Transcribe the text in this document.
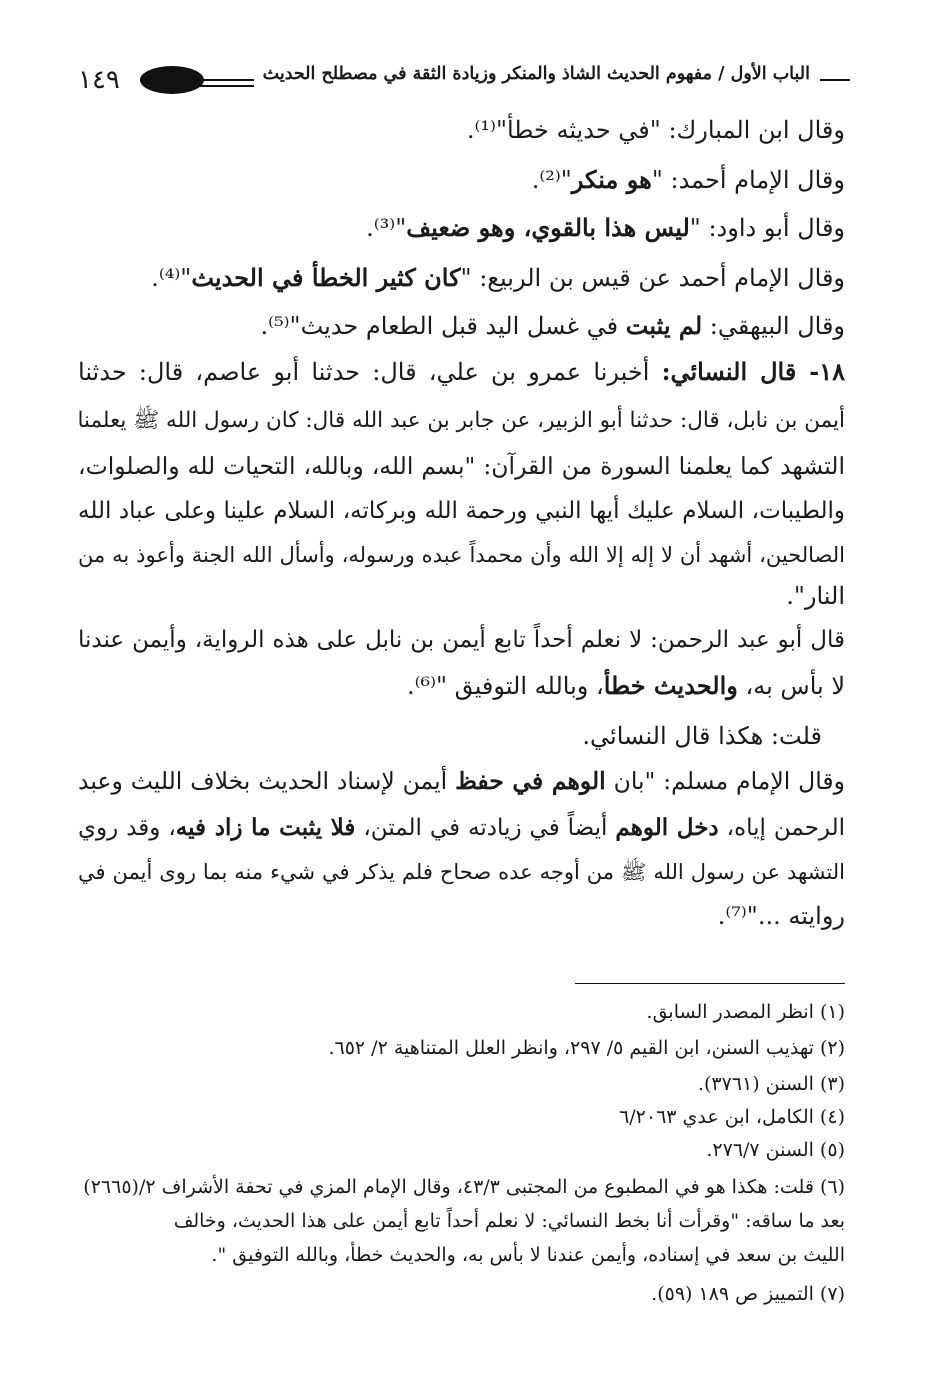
الباب الأول / مفهوم الحديث الشاذ والمنكر وزيادة الثقة في مصطلح الحديث
١٤٩
وقال ابن المبارك: "في حديثه خطأ"⁽¹⁾.
وقال الإمام أحمد: "هو منكر"⁽²⁾.
وقال أبو داود: "ليس هذا بالقوي، وهو ضعيف"⁽³⁾.
وقال الإمام أحمد عن قيس بن الربيع: "كان كثير الخطأ في الحديث"⁽⁴⁾.
وقال البيهقي: لم يثبت في غسل اليد قبل الطعام حديث"⁽⁵⁾.
١٨- قال النسائي: أخبرنا عمرو بن علي، قال: حدثنا أبو عاصم، قال: حدثنا
أيمن بن نابل، قال: حدثنا أبو الزبير، عن جابر بن عبد الله قال: كان رسول الله ﷺ يعلمنا
التشهد كما يعلمنا السورة من القرآن: "بسم الله، وبالله، التحيات لله والصلوات،
والطيبات، السلام عليك أيها النبي ورحمة الله وبركاته، السلام علينا وعلى عباد الله
الصالحين، أشهد أن لا إله إلا الله وأن محمداً عبده ورسوله، وأسأل الله الجنة وأعوذ به من
النار".
قال أبو عبد الرحمن: لا نعلم أحداً تابع أيمن بن نابل على هذه الرواية، وأيمن عندنا
لا بأس به، والحديث خطأ، وبالله التوفيق "⁽⁶⁾.
قلت: هكذا قال النسائي.
وقال الإمام مسلم: "بان الوهم في حفظ أيمن لإسناد الحديث بخلاف الليث وعبد
الرحمن إياه، دخل الوهم أيضاً في زيادته في المتن، فلا يثبت ما زاد فيه، وقد روي
التشهد عن رسول الله ﷺ من أوجه عده صحاح فلم يذكر في شيء منه بما روى أيمن في
روايته ..."⁽⁷⁾.
(١) انظر المصدر السابق.
(٢) تهذيب السنن، ابن القيم ٥/ ٢٩٧، وانظر العلل المتناهية ٢/ ٦٥٢.
(٣) السنن (٣٧٦١).
(٤) الكامل، ابن عدي ٦/٢٠٦٣
(٥) السنن ٢٧٦/٧.
(٦) قلت: هكذا هو في المطبوع من المجتبى ٤٣/٣، وقال الإمام المزي في تحفة الأشراف ٢/(٢٦٦٥)
بعد ما ساقه: "وقرأت أنا بخط النسائي: لا نعلم أحداً تابع أيمن على هذا الحديث، وخالف
الليث بن سعد في إسناده، وأيمن عندنا لا بأس به، والحديث خطأ، وبالله التوفيق ".
(٧) التمييز ص ١٨٩ (٥٩).
